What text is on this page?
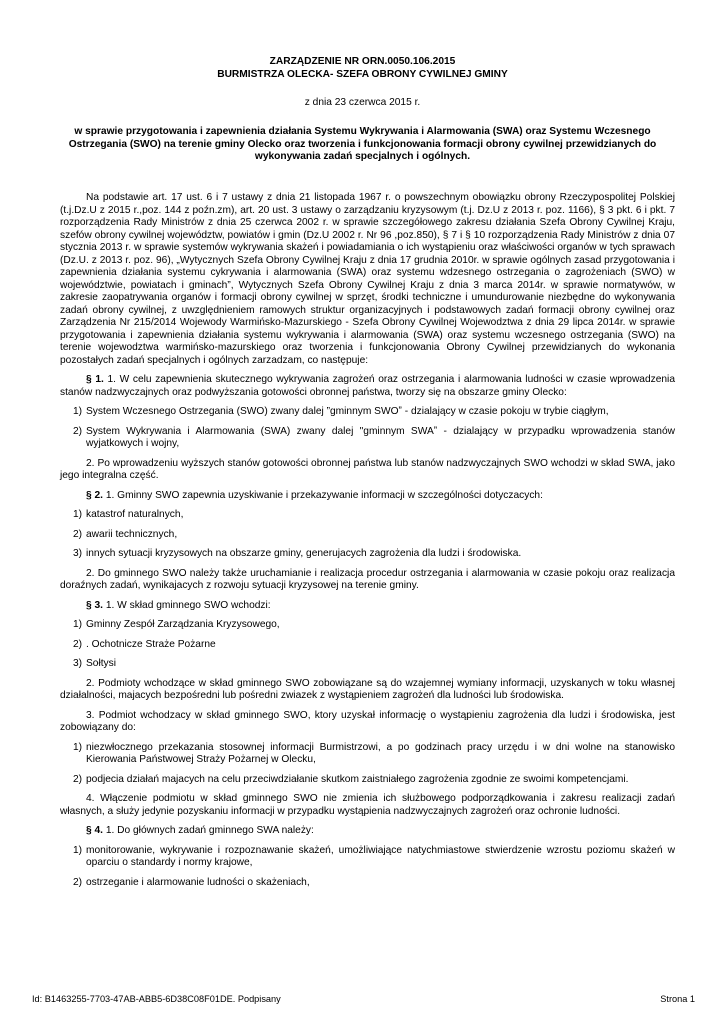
ZARZĄDZENIE NR ORN.0050.106.2015
BURMISTRZA OLECKA- SZEFA OBRONY CYWILNEJ GMINY
z dnia 23 czerwca 2015 r.
w sprawie przygotowania i zapewnienia działania Systemu Wykrywania i Alarmowania (SWA) oraz Systemu Wczesnego Ostrzegania (SWO) na terenie gminy Olecko oraz tworzenia i funkcjonowania formacji obrony cywilnej przewidzianych do wykonywania zadań specjalnych i ogólnych.

Na podstawie art. 17 ust. 6 i 7 ustawy z dnia 21 listopada 1967 r. o powszechnym obowiązku obrony Rzeczypospolitej Polskiej (t.j.Dz.U z 2015 r.,poz. 144 z poźn.zm), art. 20 ust. 3 ustawy o zarządzaniu kryzysowym (t.j. Dz.U z 2013 r. poz. 1166), § 3 pkt. 6 i pkt. 7 rozporządzenia Rady Ministrów z dnia 25 czerwca 2002 r. w sprawie szczegółowego zakresu działania Szefa Obrony Cywilnej Kraju, szefów obrony cywilnej województw, powiatów i gmin (Dz.U 2002 r. Nr 96 ,poz.850), § 7 i § 10 rozporządzenia Rady Ministrów z dnia 07 stycznia 2013 r. w sprawie systemów wykrywania skażeń i powiadamiania o ich wystąpieniu oraz właściwości organów w tych sprawach (Dz.U. z 2013 r. poz. 96), „Wytycznych Szefa Obrony Cywilnej Kraju z dnia 17 grudnia 2010r. w sprawie ogólnych zasad przygotowania i zapewnienia działania systemu cykrywania i alarmowania (SWA) oraz systemu wdzesnego ostrzegania o zagrożeniach (SWO) w województwie, powiatach i gminach”, Wytycznych Szefa Obrony Cywilnej Kraju z dnia 3 marca 2014r. w sprawie normatywów, w zakresie zaopatrywania organów i formacji obrony cywilnej w sprzęt, środki techniczne i umundurowanie niezbędne do wykonywania zadań obrony cywilnej, z uwzględnieniem ramowych struktur organizacyjnych i podstawowych zadań formacji obrony cywilnej oraz Zarządzenia Nr 215/2014 Wojewody Warmińsko-Mazurskiego - Szefa Obrony Cywilnej Wojewodztwa z dnia 29 lipca 2014r. w sprawie przygotowania i zapewnienia działania systemu wykrywania i alarmowania (SWA) oraz systemu wczesnego ostrzegania (SWO) na terenie wojewodztwa warmińsko-mazurskiego oraz tworzenia i funkcjonowania Obrony Cywilnej przewidzianych do wykonania pozostałych zadań specjalnych i ogólnych zarzadzam, co następuje:

§ 1. 1. W celu zapewnienia skutecznego wykrywania zagrożeń oraz ostrzegania i alarmowania ludności w czasie wprowadzenia stanów nadzwyczajnych oraz podwyższania gotowości obronnej państwa, tworzy się na obszarze gminy Olecko:

1) System Wczesnego Ostrzegania (SWO) zwany dalej ”gminnym SWOˮ - dzialający w czasie pokoju w trybie ciągłym,
2) System Wykrywania i Alarmowania (SWA) zwany dalej "gminnym SWAˮ - dzialający w przypadku wprowadzenia stanów wyjatkowych i wojny,

2. Po wprowadzeniu wyższych stanów gotowości obronnej państwa lub stanów nadzwyczajnych SWO wchodzi w skład SWA, jako jego integralna część.

§ 2. 1. Gminny SWO zapewnia uzyskiwanie i przekazywanie informacji w szczególności dotyczacych:

1) katastrof naturalnych,
2) awarii technicznych,
3) innych sytuacji kryzysowych na obszarze gminy, generujacych zagrożenia dla ludzi i środowiska.

2. Do gminnego SWO należy także uruchamianie i realizacja procedur ostrzegania i alarmowania w czasie pokoju oraz realizacja doraźnych zadań, wynikajacych z rozwoju sytuacji kryzysowej na terenie gminy.

§ 3. 1. W skład gminnego SWO wchodzi:

1) Gminny Zespół Zarządzania Kryzysowego,
2) . Ochotnicze Straże Pożarne
3) Sołtysi

2. Podmioty wchodzące w skład gminnego SWO zobowiązane są do wzajemnej wymiany informacji, uzyskanych w toku własnej działalności, majacych bezpośredni lub pośredni zwiazek z wystąpieniem zagrożeń dla ludności lub środowiska.

3. Podmiot wchodzacy w skład gminnego SWO, ktory uzyskał informację o wystąpieniu zagrożenia dla ludzi i środowiska, jest zobowiązany do:

1) niezwłocznego przekazania stosownej informacji Burmistrzowi, a po godzinach pracy urzędu i w dni wolne na stanowisko Kierowania Państwowej Straży Pożarnej w Olecku,
2) podjecia działań majacych na celu przeciwdziałanie skutkom zaistniałego zagrożenia zgodnie ze swoimi kompetencjami.

4. Włączenie podmiotu w skład gminnego SWO nie zmienia ich służbowego podporządkowania i zakresu realizacji zadań własnych, a służy jedynie pozyskaniu informacji w przypadku wystąpienia nadzwyczajnych zagrożeń oraz ochronie ludności.

§ 4. 1. Do głównych zadań gminnego SWA należy:

1) monitorowanie, wykrywanie i rozpoznawanie skażeń, umożliwiające natychmiastowe stwierdzenie wzrostu poziomu skażeń w oparciu o standardy i normy krajowe,
2) ostrzeganie i alarmowanie ludności o skażeniach,
Id: B1463255-7703-47AB-ABB5-6D38C08F01DE. Podpisany	Strona 1
